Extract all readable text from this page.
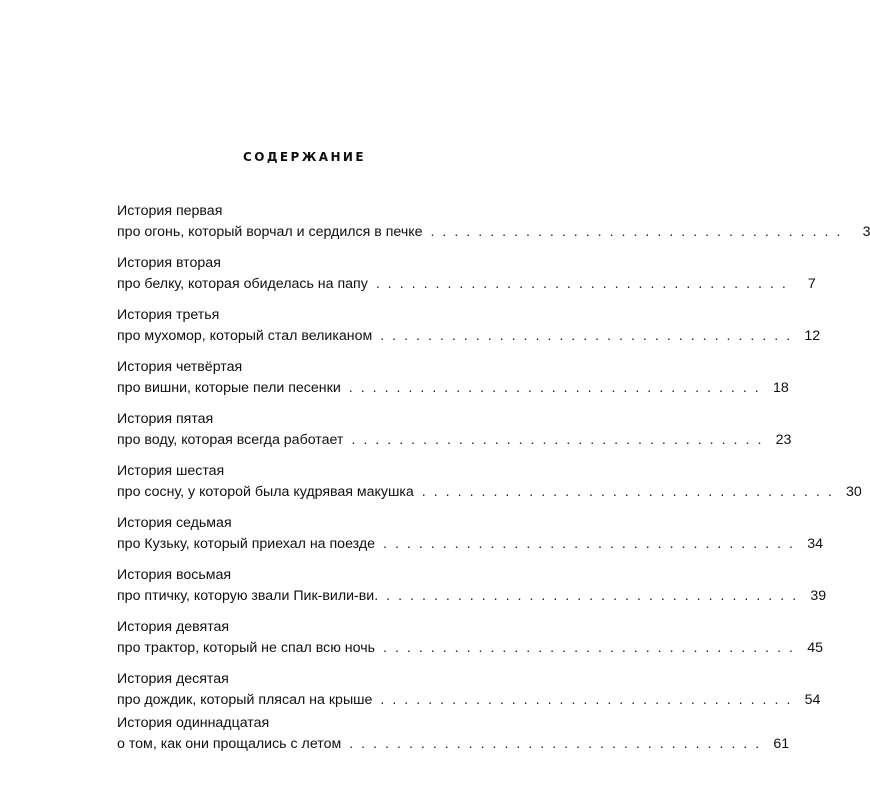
СОДЕРЖАНИЕ
История первая
про огонь, который ворчал и сердился в печке ................................... 3
История вторая
про белку, которая обиделась на папу ................................... 7
История третья
про мухомор, который стал великаном ................................... 12
История четвёртая
про вишни, которые пели песенки ................................... 18
История пятая
про воду, которая всегда работает ................................... 23
История шестая
про сосну, у которой была кудрявая макушка ................................... 30
История седьмая
про Кузьку, который приехал на поезде ................................... 34
История восьмая
про птичку, которую звали Пик-вили-ви. ................................... 39
История девятая
про трактор, который не спал всю ночь ................................... 45
История десятая
про дождик, который плясал на крыше ................................... 54
История одиннадцатая
о том, как они прощались с летом ................................... 61
